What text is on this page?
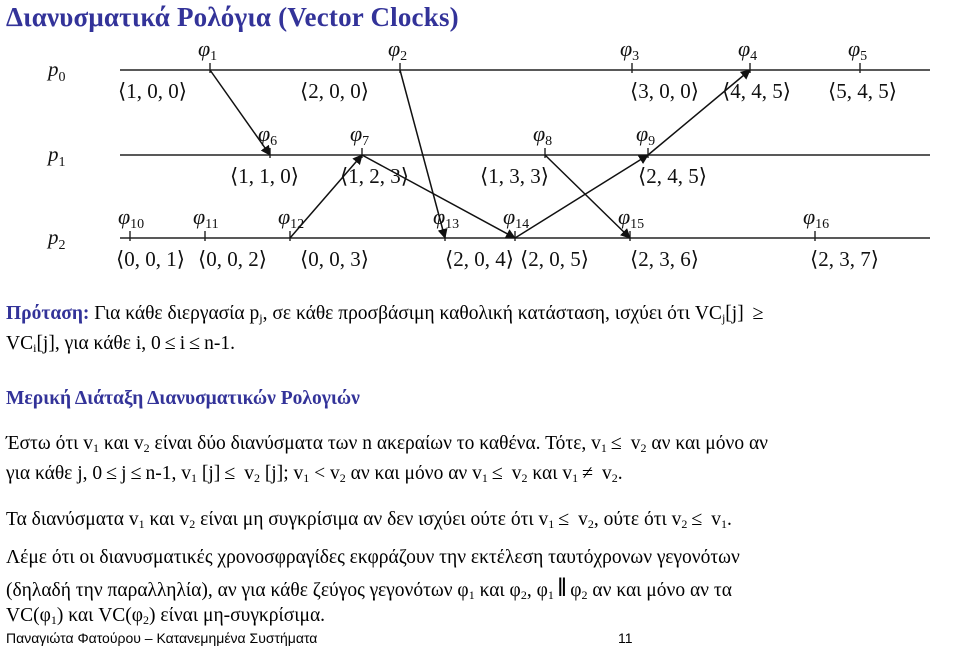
Διανυσματικά Ρολόγια (Vector Clocks)
$p_0$
$p_1$
$p_2$
φ1
⟨1, 0, 0⟩
φ2
⟨2, 0, 0⟩
φ3
⟨3, 0, 0⟩
φ4
⟨4, 4, 5⟩
φ5
⟨5, 4, 5⟩
φ6
⟨1, 1, 0⟩
φ7
⟨1, 2, 3⟩
φ8
⟨1, 3, 3⟩
φ9
⟨2, 4, 5⟩
φ10
⟨0, 0, 1⟩
φ11
⟨0, 0, 2⟩
φ12
⟨0, 0, 3⟩
φ13
⟨2, 0, 4⟩
φ14
⟨2, 0, 5⟩
φ15
⟨2, 3, 6⟩
φ16
⟨2, 3, 7⟩
Πρόταση: Για κάθε διεργασία pj, σε κάθε προσβάσιμη καθολική κατάσταση, ισχύει ότι VCj[j] ≥
VCi[j], για κάθε i, 0 ≤ i ≤ n-1.
Μερική Διάταξη Διανυσματικών Ρολογιών
Έστω ότι v1 και v2 είναι δύο διανύσματα των n ακεραίων το καθένα. Τότε, v1 ≤ v2 αν και μόνο αν
για κάθε j, 0 ≤ j ≤ n-1, v1 [j] ≤ v2 [j]; v1 < v2 αν και μόνο αν v1 ≤ v2 και v1 ≠ v2.
Τα διανύσματα v1 και v2 είναι μη συγκρίσιμα αν δεν ισχύει ούτε ότι v1 ≤ v2, ούτε ότι v2 ≤ v1.
Λέμε ότι οι διανυσματικές χρονοσφραγίδες εκφράζουν την εκτέλεση ταυτόχρονων γεγονότων
(δηλαδή την παραλληλία), αν για κάθε ζεύγος γεγονότων φ1 και φ2, φ1 ‖ φ2 αν και μόνο αν τα
VC(φ1) και VC(φ2) είναι μη-συγκρίσιμα.
Παναγιώτα Φατούρου – Κατανεμημένα Συστήματα	11
